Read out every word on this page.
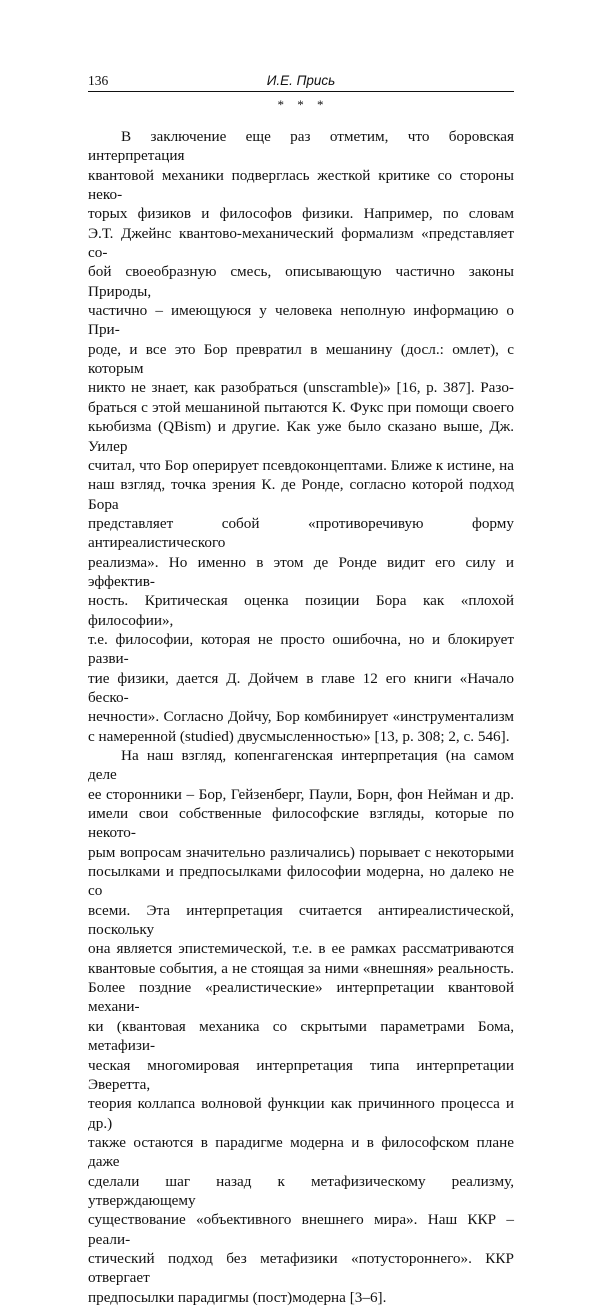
136	И.Е. Прись
* * *

В заключение еще раз отметим, что боровская интерпретация
квантовой механики подверглась жесткой критике со стороны неко-
торых физиков и философов физики. Например, по словам
Э.Т. Джейнс квантово-механический формализм «представляет со-
бой своеобразную смесь, описывающую частично законы Природы,
частично – имеющуюся у человека неполную информацию о При-
роде, и все это Бор превратил в мешанину (досл.: омлет), с которым
никто не знает, как разобраться (unscramble)» [16, p. 387]. Разо-
браться с этой мешаниной пытаются К. Фукс при помощи своего
кьюбизма (QBism) и другие. Как уже было сказано выше, Дж. Уилер
считал, что Бор оперирует псевдоконцептами. Ближе к истине, на
наш взгляд, точка зрения К. де Ронде, согласно которой подход Бора
представляет собой «противоречивую форму антиреалистического
реализма». Но именно в этом де Ронде видит его силу и эффектив-
ность. Критическая оценка позиции Бора как «плохой философии»,
т.е. философии, которая не просто ошибочна, но и блокирует разви-
тие физики, дается Д. Дойчем в главе 12 его книги «Начало беско-
нечности». Согласно Дойчу, Бор комбинирует «инструментализм
с намеренной (studied) двусмысленностью» [13, p. 308; 2, с. 546].

На наш взгляд, копенгагенская интерпретация (на самом деле
ее сторонники – Бор, Гейзенберг, Паули, Борн, фон Нейман и др.
имели свои собственные философские взгляды, которые по некото-
рым вопросам значительно различались) порывает с некоторыми
посылками и предпосылками философии модерна, но далеко не со
всеми. Эта интерпретация считается антиреалистической, поскольку
она является эпистемической, т.е. в ее рамках рассматриваются
квантовые события, а не стоящая за ними «внешняя» реальность.
Более поздние «реалистические» интерпретации квантовой механи-
ки (квантовая механика со скрытыми параметрами Бома, метафизи-
ческая многомировая интерпретация типа интерпретации Эверетта,
теория коллапса волновой функции как причинного процесса и др.)
также остаются в парадигме модерна и в философском плане даже
сделали шаг назад к метафизическому реализму, утверждающему
существование «объективного внешнего мира». Наш ККР – реали-
стический подход без метафизики «потустороннего». ККР отвергает
предпосылки парадигмы (пост)модерна [3–6].
